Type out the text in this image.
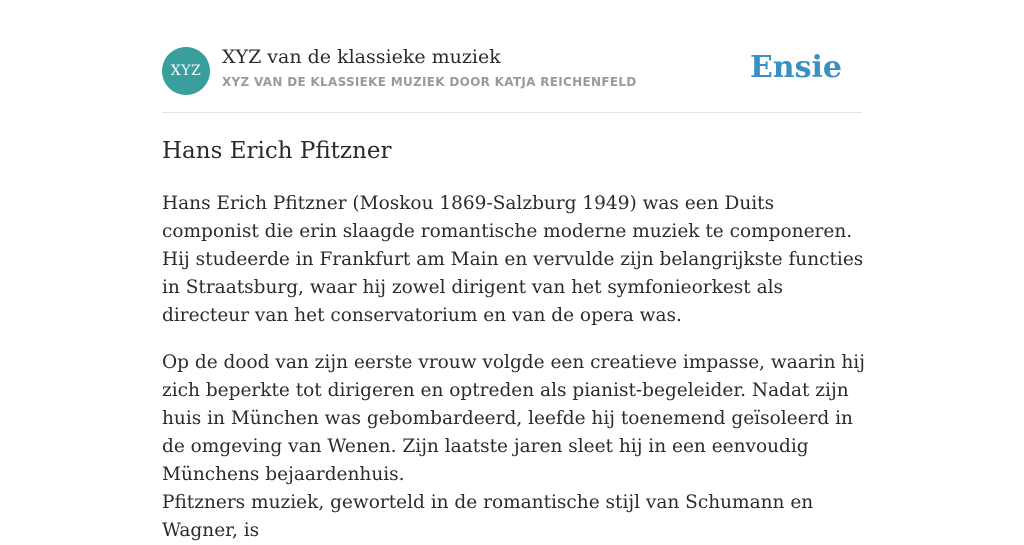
XYZ
XYZ van de klassieke muziek
XYZ VAN DE KLASSIEKE MUZIEK DOOR KATJA REICHENFELD	Ensie
Hans Erich Pfitzner

Hans Erich Pfitzner (Moskou 1869-Salzburg 1949) was een Duits componist die erin slaagde romantische moderne muziek te componeren. Hij studeerde in Frankfurt am Main en vervulde zijn belangrijkste functies in Straatsburg, waar hij zowel dirigent van het symfonieorkest als directeur van het conservatorium en van de opera was.

Op de dood van zijn eerste vrouw volgde een creatieve impasse, waarin hij zich beperkte tot dirigeren en optreden als pianist-begeleider. Nadat zijn huis in München was gebombardeerd, leefde hij toenemend geïsoleerd in de omgeving van Wenen. Zijn laatste jaren sleet hij in een eenvoudig Münchens bejaardenhuis.

Pfitzners muziek, geworteld in de romantische stijl van Schumann en Wagner, is
